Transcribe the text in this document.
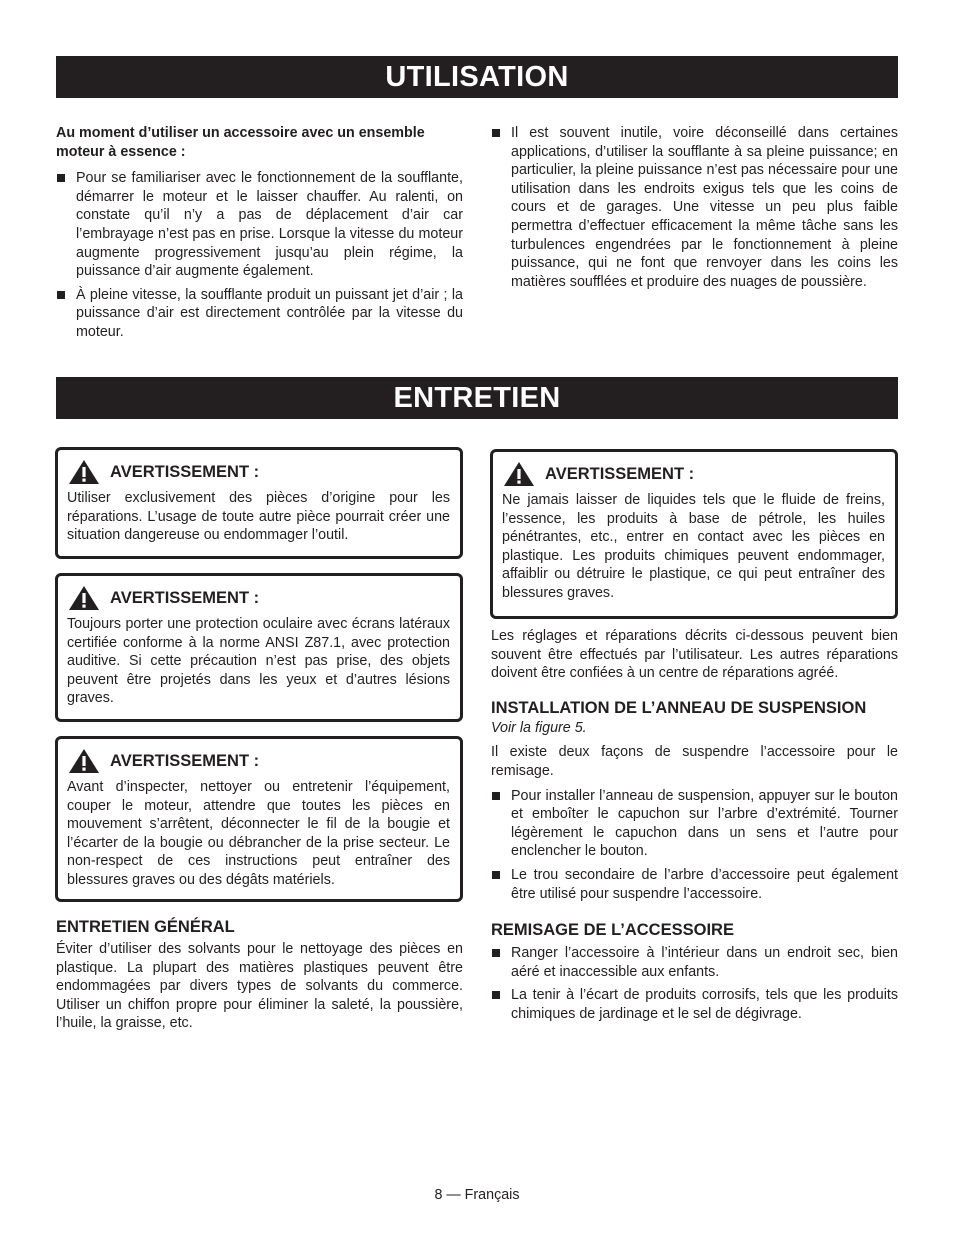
UTILISATION

Au moment d’utiliser un accessoire avec un ensemble moteur à essence :

Pour se familiariser avec le fonctionnement de la soufflante, démarrer le moteur et le laisser chauffer. Au ralenti, on constate qu’il n’y a pas de déplacement d’air car l’embrayage n’est pas en prise. Lorsque la vitesse du moteur augmente progressivement jusqu’au plein régime, la puissance d’air augmente également.
À pleine vitesse, la soufflante produit un puissant jet d’air ; la puissance d’air est directement contrôlée par la vitesse du moteur.
Il est souvent inutile, voire déconseillé dans certaines applications, d’utiliser la soufflante à sa pleine puissance; en particulier, la pleine puissance n’est pas nécessaire pour une utilisation dans les endroits exigus tels que les coins de cours et de garages. Une vitesse un peu plus faible permettra d’effectuer efficacement la même tâche sans les turbulences engendrées par le fonctionnement à pleine puissance, qui ne font que renvoyer dans les coins les matières soufflées et produire des nuages de poussière.
ENTRETIEN
AVERTISSEMENT :
Utiliser exclusivement des pièces d’origine pour les réparations. L’usage de toute autre pièce pourrait créer une situation dangereuse ou endommager l’outil.
AVERTISSEMENT :
Toujours porter une protection oculaire avec écrans latéraux certifiée conforme à la norme ANSI Z87.1, avec protection auditive. Si cette précaution n’est pas prise, des objets peuvent être projetés dans les yeux et d’autres lésions graves.
AVERTISSEMENT :
Avant d’inspecter, nettoyer ou entretenir l’équipement, couper le moteur, attendre que toutes les pièces en mouvement s’arrêtent, déconnecter le fil de la bougie et l’écarter de la bougie ou débrancher de la prise secteur. Le non-respect de ces instructions peut entraîner des blessures graves ou des dégâts matériels.

ENTRETIEN GÉNÉRAL

Éviter d’utiliser des solvants pour le nettoyage des pièces en plastique. La plupart des matières plastiques peuvent être endommagées par divers types de solvants du commerce. Utiliser un chiffon propre pour éliminer la saleté, la poussière, l’huile, la graisse, etc.

AVERTISSEMENT :
Ne jamais laisser de liquides tels que le fluide de freins, l’essence, les produits à base de pétrole, les huiles pénétrantes, etc., entrer en contact avec les pièces en plastique. Les produits chimiques peuvent endommager, affaiblir ou détruire le plastique, ce qui peut entraîner des blessures graves.

Les réglages et réparations décrits ci-dessous peuvent bien souvent être effectués par l’utilisateur. Les autres réparations doivent être confiées à un centre de réparations agréé.

INSTALLATION DE L’ANNEAU DE SUSPENSION

Voir la figure 5.

Il existe deux façons de suspendre l’accessoire pour le remisage.

Pour installer l’anneau de suspension, appuyer sur le bouton et emboîter le capuchon sur l’arbre d’extrémité. Tourner légèrement le capuchon dans un sens et l’autre pour enclencher le bouton.
Le trou secondaire de l’arbre d’accessoire peut également être utilisé pour suspendre l’accessoire.

REMISAGE DE L’ACCESSOIRE

Ranger l’accessoire à l’intérieur dans un endroit sec, bien aéré et inaccessible aux enfants.
La tenir à l’écart de produits corrosifs, tels que les produits chimiques de jardinage et le sel de dégivrage.
8 — Français
